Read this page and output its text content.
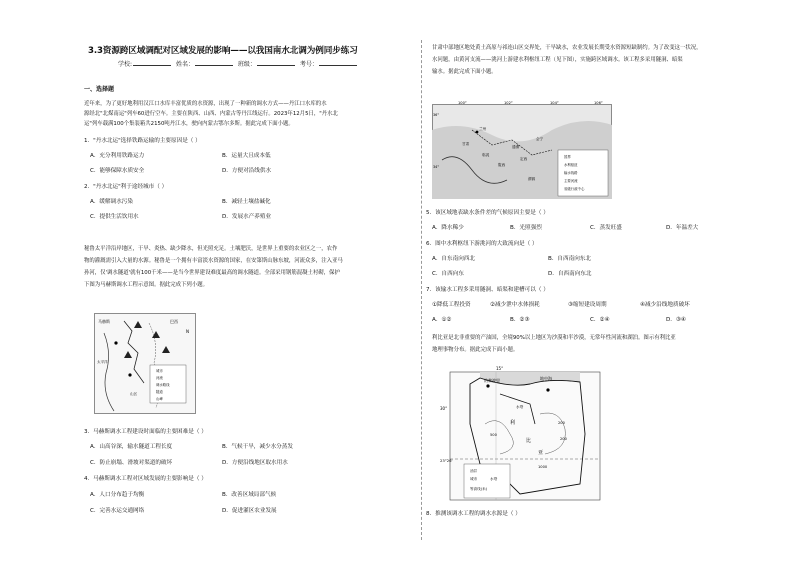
3.3资源跨区域调配对区域发展的影响——以我国南水北调为例同步练习
学校:	姓名：	班级：	考号：
一、选择题
近年来，为了更好地利用汉江口水库丰富优质的水资源，出现了一种新的调水方式——丹江口水库的水
源经北"北煤南运"列车60进行空车。主要在陕西、山西、内蒙古等丹江线运行。2023年12月5日，"丹水北
运"列车载满100个集装箱共2150吨丹江水，驶向内蒙古鄂尔多斯。据此完成下面小题。
1．"丹水北运"选择铁路运输的主要原因是（ ）
A．充分利用铁路运力	B．运量大且成本低
C．能够保障水质安全	D．方便对沿线供水
2．"丹水北运"利于途经城市（ ）
A．缓解调水污染	B．减轻土壤盐碱化
C．提供生活饮用水	D．发展水产养殖业
秘鲁太平洋沿岸地区，干旱、炎热、缺少降水，但光照充足。土壤肥沃，是世界上重要的农业区之一，农作
物的灌溉需引入大量的水源。秘鲁是一个拥有丰富淡水资源的国家，在安第斯山脉东坡，河流众多，注入亚马
孙河，仅'调水隧道'就有100千米——是当今世界建设难度最高的调水隧道。全部采用钢筋混凝土衬砌，保护
下图为马赫斯调水工程示意图。据此完成下列小题。
马赫斯	巴西
太平洋
山区
城市
河流
调水路线
隧道
山峰
N
3．马赫斯调水工程建设时面临的主要困难是（ ）
A．山高谷深，输水隧道工程长度	B．气候干旱，减少水分蒸发
C．防止崩塌、滑坡对渠道的破坏	D．方便沿线地区取水用水
4．马赫斯调水工程对区域发展的主要影响是（ ）
A．人口分布趋于均衡	B．改善区域局部气候
C．完善水运交通网络	D．促进灌区农业发展
甘肃中部地区地处黄土高原与祁连山区交界处，干旱缺水，农业发展长期受水资源短缺制约。为了改变这一状况，
水问题，由黄河支流——洮河上游建水利枢纽工程（见下图），实施跨区域调水。该工程多采用隧洞、暗渠
输水。据此完成下面小题。
100°	102°	104°	106°
36°
34°
兰州
甘肃
定西
会宁
通渭
陇西
临洮
渭源
国界
水利枢纽
输水线路
主要河流
省级行政中心
5．该区域地表缺水条件差的气候原因主要是（ ）
A．降水稀少	B．光照强烈	C．蒸发旺盛	D．年温差大
6．图中水利枢纽下游洮河的大致流向是（ ）
A．自东南向西北	B．自西南向东北
C．自西向东	D．自西南向东北
7．该输水工程多采用隧洞、暗渠和建槽可以（ ）
①降低工程投资	②减少泄中水体损耗	③缩短建设周期	④减少沿线地质破坏
A．①②	B．②③	C．②④	D．③④
利比亚是北非重要的产油国，全境90%以上地区为沙漠和半沙漠，无常年性河流和湖泊。图示有利比亚
地理事物分布。据此完成下面小题。
15°
的黎波里	地中海
30°
23°26'
利
比
亚
水塔
500
1000
200
200
油井
城市	水塔
等高线(米)
8．推测该调水工程的调水水源是（ ）
